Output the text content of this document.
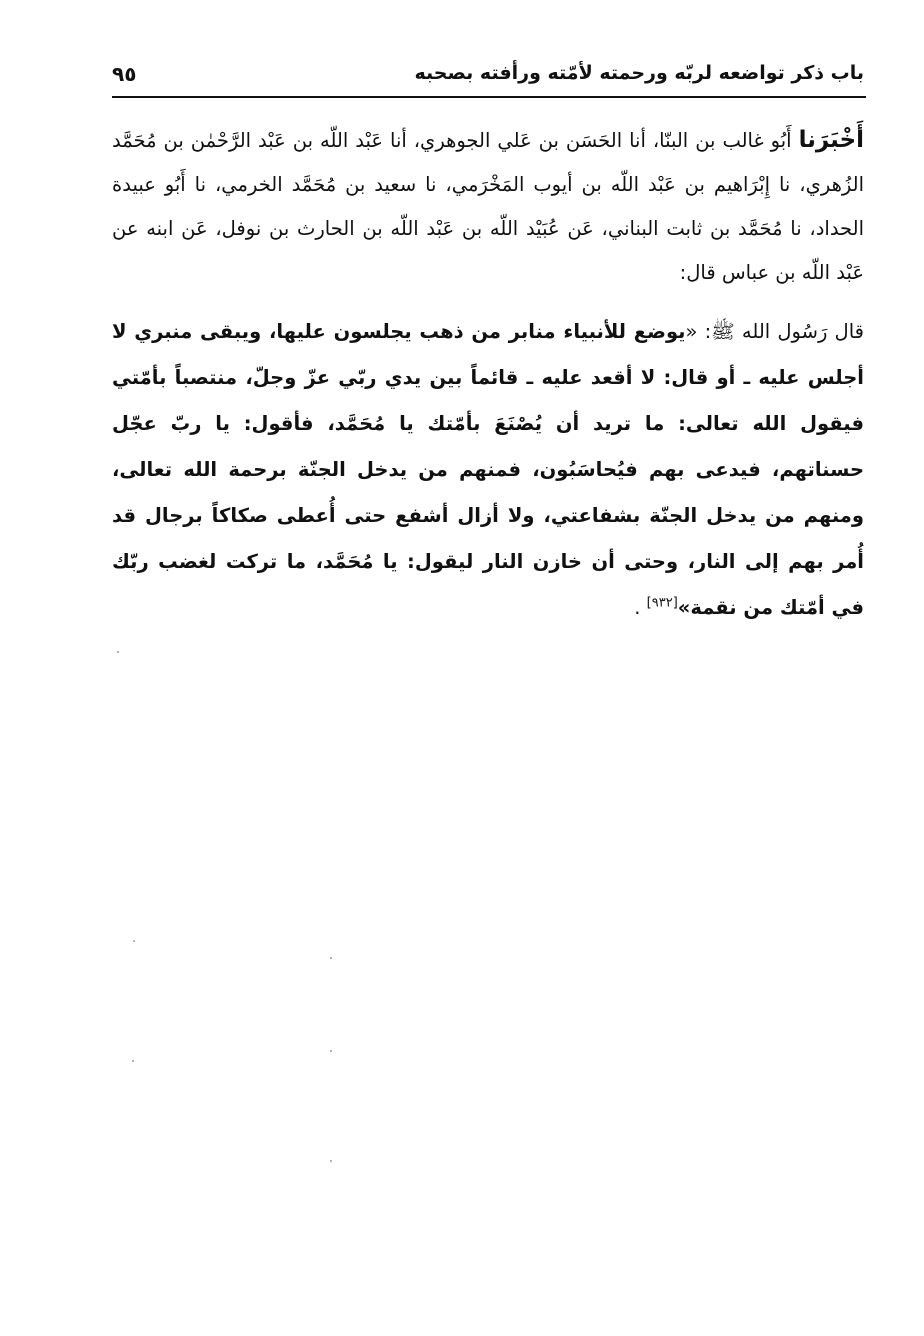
باب ذكر تواضعه لربّه ورحمته لأمّته ورأفته بصحبه
٩٥

أَخْبَرَنا أَبُو غالب بن البنّا، أنا الحَسَن بن عَلي الجوهري، أنا عَبْد اللّه بن عَبْد الرَّحْمٰن بن مُحَمَّد الزُهري، نا إِبْرَاهيم بن عَبْد اللّه بن أيوب المَخْرَمي، نا سعيد بن مُحَمَّد الخرمي، نا أَبُو عبيدة الحداد، نا مُحَمَّد بن ثابت البناني، عَن عُبَيْد اللّه بن عَبْد اللّه بن الحارث بن نوفل، عَن ابنه عن عَبْد اللّه بن عباس قال:

قال رَسُول الله ﷺ: «يوضع للأنبياء منابر من ذهب يجلسون عليها، ويبقى منبري لا أجلس عليه ـ أو قال: لا أقعد عليه ـ قائماً بين يدي ربّي عزّ وجلّ، منتصباً بأمّتي فيقول الله تعالى: ما تريد أن يُصْنَعَ بأمّتك يا مُحَمَّد، فأقول: يا ربّ عجّل حسناتهم، فيدعى بهم فيُحاسَبُون، فمنهم من يدخل الجنّة برحمة الله تعالى، ومنهم من يدخل الجنّة بشفاعتي، ولا أزال أشفع حتى أُعطى صكاكاً برجال قد أُمر بهم إلى النار، وحتى أن خازن النار ليقول: يا مُحَمَّد، ما تركت لغضب ربّك في أمّتك من نقمة»[٩٣٢] .
